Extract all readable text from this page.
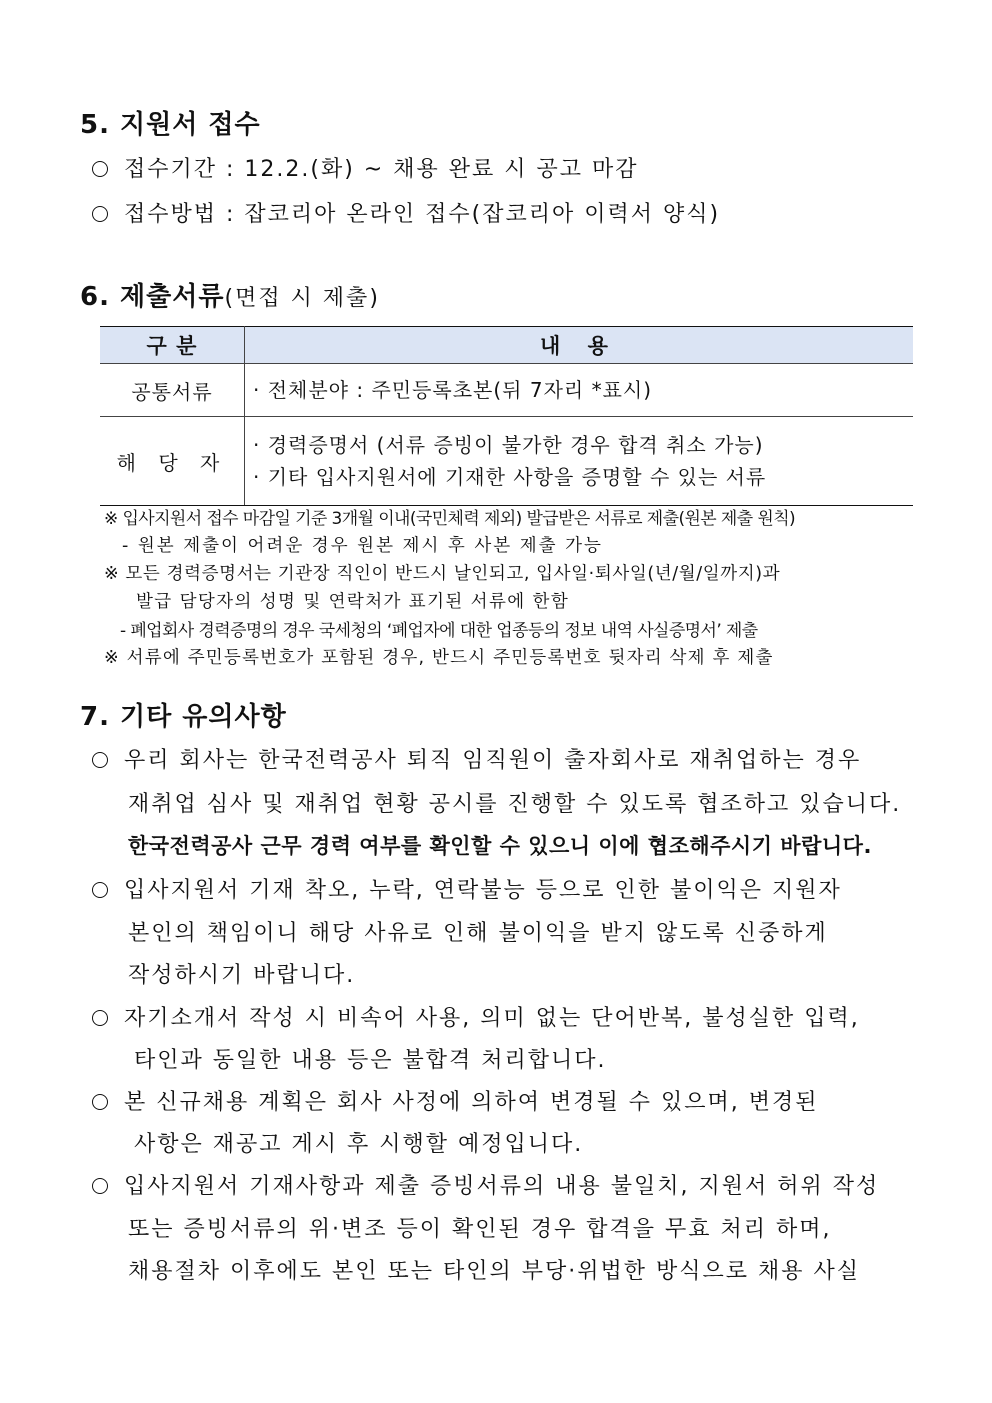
5. 지원서 접수
접수기간 : 12.2.(화) ~ 채용 완료 시 공고 마감
접수방법 : 잡코리아 온라인 접수(잡코리아 이력서 양식)
6. 제출서류(면접 시 제출)
구 분	내 용
공통서류	· 전체분야 : 주민등록초본(뒤 7자리 *표시)

해 당 자	· 경력증명서 (서류 증빙이 불가한 경우 합격 취소 가능)
· 기타 입사지원서에 기재한 사항을 증명할 수 있는 서류
※ 입사지원서 접수 마감일 기준 3개월 이내(국민체력 제외) 발급받은 서류로 제출(원본 제출 원칙)
- 원본 제출이 어려운 경우 원본 제시 후 사본 제출 가능
※ 모든 경력증명서는 기관장 직인이 반드시 날인되고, 입사일·퇴사일(년/월/일까지)과
발급 담당자의 성명 및 연락처가 표기된 서류에 한함
- 폐업회사 경력증명의 경우 국세청의 ‘폐업자에 대한 업종등의 정보 내역 사실증명서’ 제출
※ 서류에 주민등록번호가 포함된 경우, 반드시 주민등록번호 뒷자리 삭제 후 제출
7. 기타 유의사항
우리 회사는 한국전력공사 퇴직 임직원이 출자회사로 재취업하는 경우
재취업 심사 및 재취업 현황 공시를 진행할 수 있도록 협조하고 있습니다.
한국전력공사 근무 경력 여부를 확인할 수 있으니 이에 협조해주시기 바랍니다.
입사지원서 기재 착오, 누락, 연락불능 등으로 인한 불이익은 지원자
본인의 책임이니 해당 사유로 인해 불이익을 받지 않도록 신중하게
작성하시기 바랍니다.
자기소개서 작성 시 비속어 사용, 의미 없는 단어반복, 불성실한 입력,
타인과 동일한 내용 등은 불합격 처리합니다.
본 신규채용 계획은 회사 사정에 의하여 변경될 수 있으며, 변경된
사항은 재공고 게시 후 시행할 예정입니다.
입사지원서 기재사항과 제출 증빙서류의 내용 불일치, 지원서 허위 작성
또는 증빙서류의 위·변조 등이 확인된 경우 합격을 무효 처리 하며,
채용절차 이후에도 본인 또는 타인의 부당·위법한 방식으로 채용 사실
